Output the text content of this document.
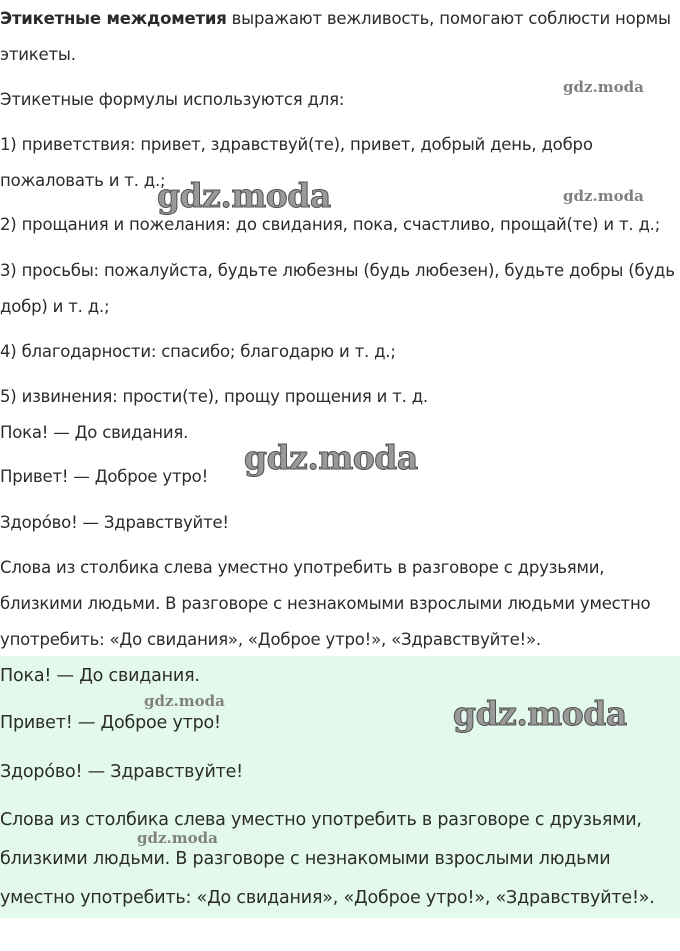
Этикетные междометия выражают вежливость, помогают соблюсти нормы

этикеты.

Этикетные формулы используются для:

1) приветствия: привет, здравствуй(те), привет, добрый день, добро

пожаловать и т. д.;

2) прощания и пожелания: до свидания, пока, счастливо, прощай(те) и т. д.;

3) просьбы: пожалуйста, будьте любезны (будь любезен), будьте добры (будь

добр) и т. д.;

4) благодарности: спасибо; благодарю и т. д.;

5) извинения: прости(те), прощу прощения и т. д.

Пока! — До свидания.

Привет! — Доброе утро!

Здорóво! — Здравствуйте!

Слова из столбика слева уместно употребить в разговоре с друзьями,

близкими людьми. В разговоре с незнакомыми взрослыми людьми уместно

употребить: «До свидания», «Доброе утро!», «Здравствуйте!».

Пока! — До свидания.

Привет! — Доброе утро!

Здорóво! — Здравствуйте!

Слова из столбика слева уместно употребить в разговоре с друзьями,

близкими людьми. В разговоре с незнакомыми взрослыми людьми

уместно употребить: «До свидания», «Доброе утро!», «Здравствуйте!».

gdz.moda
gdz.moda	gdz.moda
gdz.moda
gdz.moda	gdz.moda
gdz.moda
